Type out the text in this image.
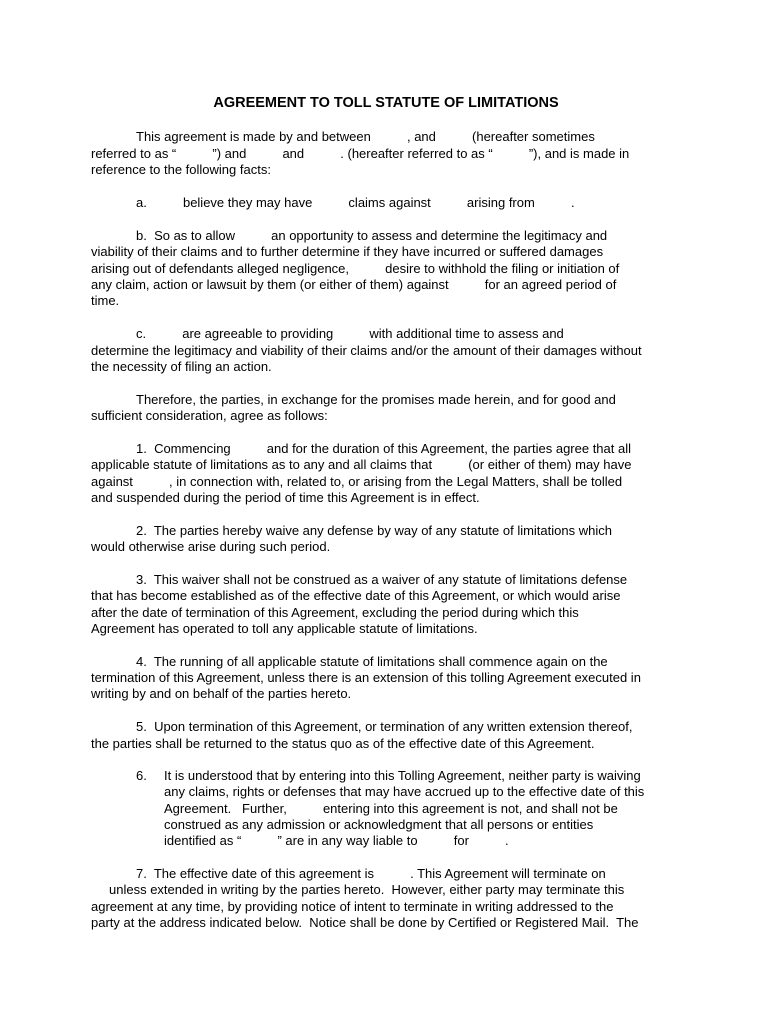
AGREEMENT TO TOLL STATUTE OF LIMITATIONS
This agreement is made by and between          , and          (hereafter sometimes
referred to as “          ”) and          and          . (hereafter referred to as “          ”), and is made in
reference to the following facts:
a.          believe they may have          claims against          arising from          .
b.  So as to allow          an opportunity to assess and determine the legitimacy and
viability of their claims and to further determine if they have incurred or suffered damages
arising out of defendants alleged negligence,          desire to withhold the filing or initiation of
any claim, action or lawsuit by them (or either of them) against          for an agreed period of
time.
c.          are agreeable to providing          with additional time to assess and
determine the legitimacy and viability of their claims and/or the amount of their damages without
the necessity of filing an action.
Therefore, the parties, in exchange for the promises made herein, and for good and
sufficient consideration, agree as follows:
1.  Commencing          and for the duration of this Agreement, the parties agree that all
applicable statute of limitations as to any and all claims that          (or either of them) may have
against          , in connection with, related to, or arising from the Legal Matters, shall be tolled
and suspended during the period of time this Agreement is in effect.
2.  The parties hereby waive any defense by way of any statute of limitations which
would otherwise arise during such period.
3.  This waiver shall not be construed as a waiver of any statute of limitations defense
that has become established as of the effective date of this Agreement, or which would arise
after the date of termination of this Agreement, excluding the period during which this
Agreement has operated to toll any applicable statute of limitations.
4.  The running of all applicable statute of limitations shall commence again on the
termination of this Agreement, unless there is an extension of this tolling Agreement executed in
writing by and on behalf of the parties hereto.
5.  Upon termination of this Agreement, or termination of any written extension thereof,
the parties shall be returned to the status quo as of the effective date of this Agreement.
6. It is understood that by entering into this Tolling Agreement, neither party is waiving
any claims, rights or defenses that may have accrued up to the effective date of this
Agreement.   Further,          entering into this agreement is not, and shall not be
construed as any admission or acknowledgment that all persons or entities
identified as “          ” are in any way liable to          for          .
7.  The effective date of this agreement is          . This Agreement will terminate on
unless extended in writing by the parties hereto.  However, either party may terminate this
agreement at any time, by providing notice of intent to terminate in writing addressed to the
party at the address indicated below.  Notice shall be done by Certified or Registered Mail.  The
